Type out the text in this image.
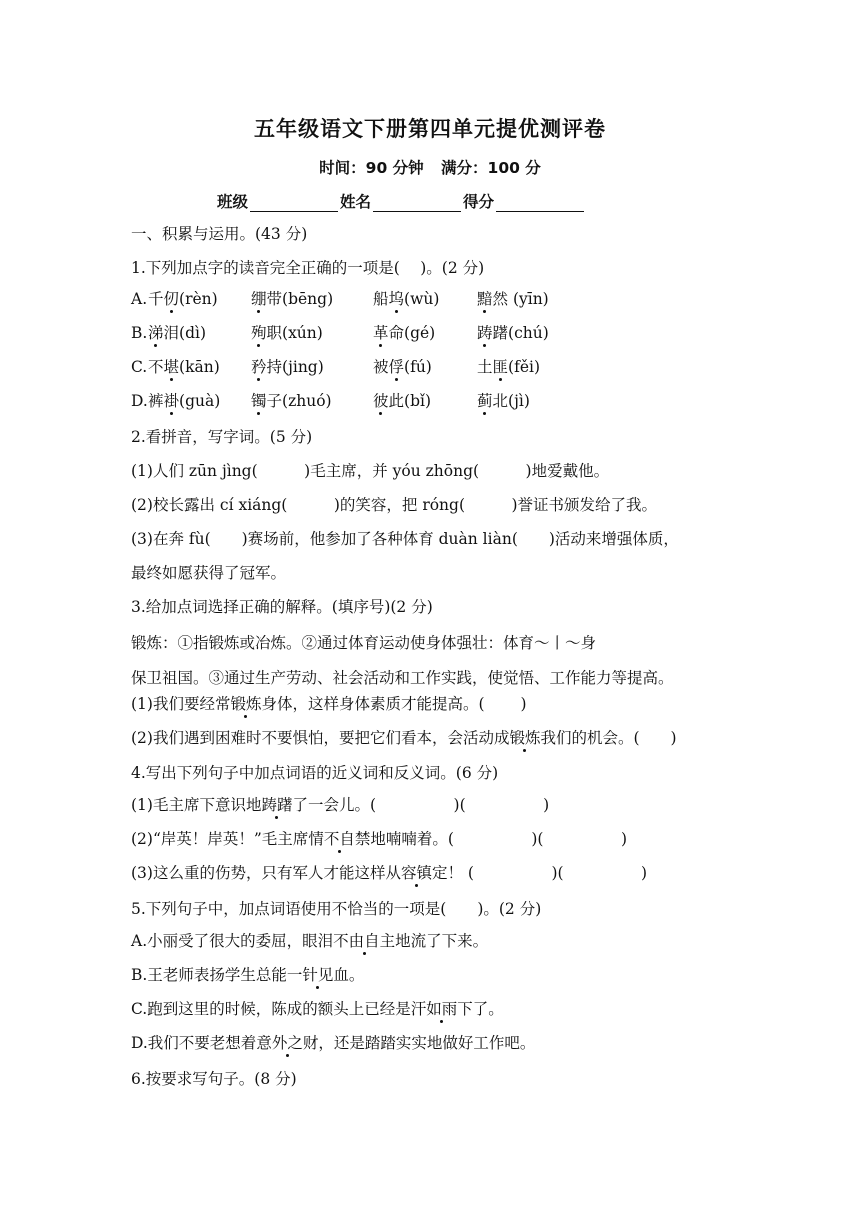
五年级语文下册第四单元提优测评卷
时间：90 分钟 满分：100 分
班级	姓名	得分
一、积累与运用。(43 分)
1.下列加点字的读音完全正确的一项是(　 )。(2 分)
A. 千仞(rèn) 绷带(bēng)	船坞(wù) 黯然 (yīn)
B. 涕泪(dì)	殉职(xún)	革命(gé)	踌躇(chú)
C. 不堪(kān) 矜持(jing)	被俘(fú)	土匪(fěi)
D. 裤褂(guà) 镯子(zhuó)	彼此(bǐ)	蓟北(jì)
2.看拼音，写字词。(5 分)
(1)人们 zūn jìng(　　　)毛主席，并 yóu zhōng(　　　)地爱戴他。
(2)校长露出 cí xiáng(　　　)的笑容，把 róng(　　　)誉证书颁发给了我。
(3)在奔 fù(　　)赛场前，他参加了各种体育 duàn liàn(　　)活动来增强体质，
最终如愿获得了冠军。
3.给加点词选择正确的解释。(填序号)(2 分)
锻炼：①指锻炼或冶炼。②通过体育运动使身体强壮：体育～丨～身
保卫祖国。③通过生产劳动、社会活动和工作实践，使觉悟、工作能力等提高。
(1)我们要经常锻炼身体，这样身体素质才能提高。(　　 )
(2)我们遇到困难时不要惧怕，要把它们看本，会活动成锻炼我们的机会。(　　)
4.写出下列句子中加点词语的近义词和反义词。(6 分)
(1)毛主席下意识地踌躇了一会儿。(　　　　　)(　　　　　)
(2)“岸英！岸英！”毛主席情不自禁地喃喃着。(　　　　　)(　　　　　)
(3)这么重的伤势，只有军人才能这样从容镇定！ (　　　　　)(　　　　　)
5.下列句子中，加点词语使用不恰当的一项是(　　)。(2 分)
A.小丽受了很大的委屈，眼泪不由自主地流了下来。
B.王老师表扬学生总能一针见血。
C.跑到这里的时候，陈成的额头上已经是汗如雨下了。
D.我们不要老想着意外之财，还是踏踏实实地做好工作吧。
6.按要求写句子。(8 分)
